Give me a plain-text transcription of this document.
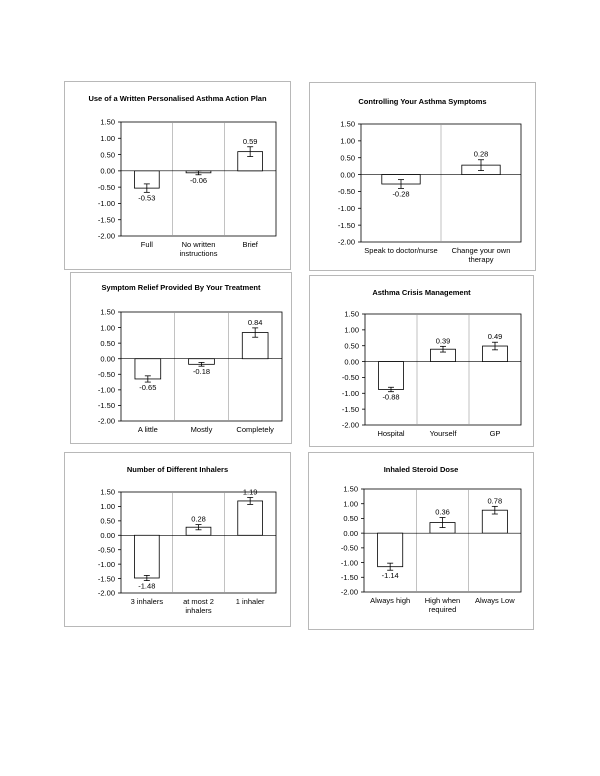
Use of a Written Personalised Asthma Action Plan
1.50
1.00
0.50
0.00
-0.50
-1.00
-1.50
-2.00
-0.53
Full
-0.06
No written instructions
0.59
Brief
Controlling Your Asthma Symptoms
1.50
1.00
0.50
0.00
-0.50
-1.00
-1.50
-2.00
-0.28
Speak to doctor/nurse
0.28
Change your own therapy
Symptom Relief Provided By Your Treatment
1.50
1.00
0.50
0.00
-0.50
-1.00
-1.50
-2.00
-0.65
A little
-0.18
Mostly
0.84
Completely
Asthma Crisis Management
1.50
1.00
0.50
0.00
-0.50
-1.00
-1.50
-2.00
-0.88
Hospital
0.39
Yourself
0.49
GP
Number of Different Inhalers
1.50
1.00
0.50
0.00
-0.50
-1.00
-1.50
-2.00
-1.48
3 inhalers
0.28
at most 2 inhalers
1.19
1 inhaler
Inhaled Steroid Dose
1.50
1.00
0.50
0.00
-0.50
-1.00
-1.50
-2.00
-1.14
Always high
0.36
High when required
0.78
Always Low
